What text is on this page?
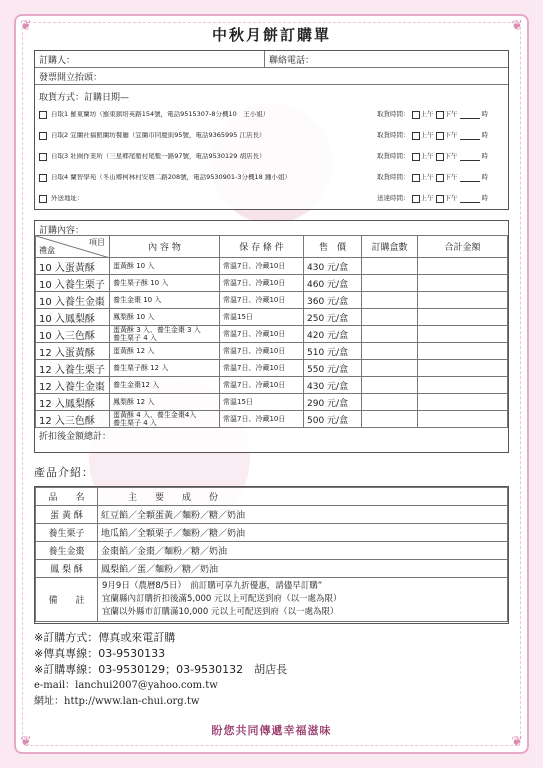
❦	❦
❦	❦
中秋月餅訂購單
訂購人：	聯絡電話：
發票開立抬頭：
取貨方式：訂購日期—
自取1 羅東蘭坊（羅東鎮培英路154號，電話9515307-8分機10　王小姐）	取貨時間： 上午 下午	時
自取2 宜蘭社福館蘭坊餐廳（宜蘭市同慶街95號，電話9365995 江店長）	取貨時間： 上午 下午	時
自取3 壯圍作業所（三星鄉尾塹村尾塹一路97號，電話9530129 胡店長）	取貨時間： 上午 下午	時
自取4 蘭智學苑（冬山鄉柯林村安農二路208號，電話9530901-3分機18 鍾小姐）	取貨時間： 上午 下午	時
外送地址：	送達時間： 上午 下午	時
訂購內容：
項目
禮盒	內 容 物	保 存 條 件	售　價	訂購盒數	合計金額
10 入蛋黃酥	蛋黃酥 10 入	常溫7日、冷藏10日	430 元/盒		
10 入養生栗子	養生栗子酥 10 入	常溫7日、冷藏10日	460 元/盒		
10 入養生金棗	養生金棗 10 入	常溫7日、冷藏10日	360 元/盒		
10 入鳳梨酥	鳳梨酥 10 入	常溫15日	250 元/盒		
10 入三色酥	蛋黃酥 3 入、養生金棗 3 入
養生栗子 4 入	常溫7日、冷藏10日	420 元/盒		
12 入蛋黃酥	蛋黃酥 12 入	常溫7日、冷藏10日	510 元/盒		
12 入養生栗子	養生栗子酥 12 入	常溫7日、冷藏10日	550 元/盒		
12 入養生金棗	養生金棗12 入	常溫7日、冷藏10日	430 元/盒		
12 入鳳梨酥	鳳梨酥 12 入	常溫15日	290 元/盒		
12 入三色酥	蛋黃酥 4 入、養生金棗4入
養生栗子 4 入	常溫7日、冷藏10日	500 元/盒		
折扣後金額總計：
產品介紹：
品　　名	主　　要　　成　　份
蛋 黃 酥	紅豆餡／全顆蛋黃／麵粉／糖／奶油
養生栗子	地瓜餡／全顆栗子／麵粉／糖／奶油
養生金棗	金棗餡／金棗／麵粉／糖／奶油
鳳 梨 酥	鳳梨餡／蛋／麵粉／糖／奶油
備　　註	9月9日（農曆8/5日）　前訂購可享九折優惠，請儘早訂購”
宜蘭縣內訂購折扣後滿5,000 元以上可配送到府（以一處為限）
宜蘭以外縣市訂購滿10,000 元以上可配送到府（以一處為限）
※訂購方式：傳真或來電訂購
※傳真專線：03-9530133
※訂購專線：03-9530129；03-9530132　胡店長
e-mail：lanchui2007@yahoo.com.tw
網址：http://www.lan-chui.org.tw
盼您共同傳遞幸福滋味
